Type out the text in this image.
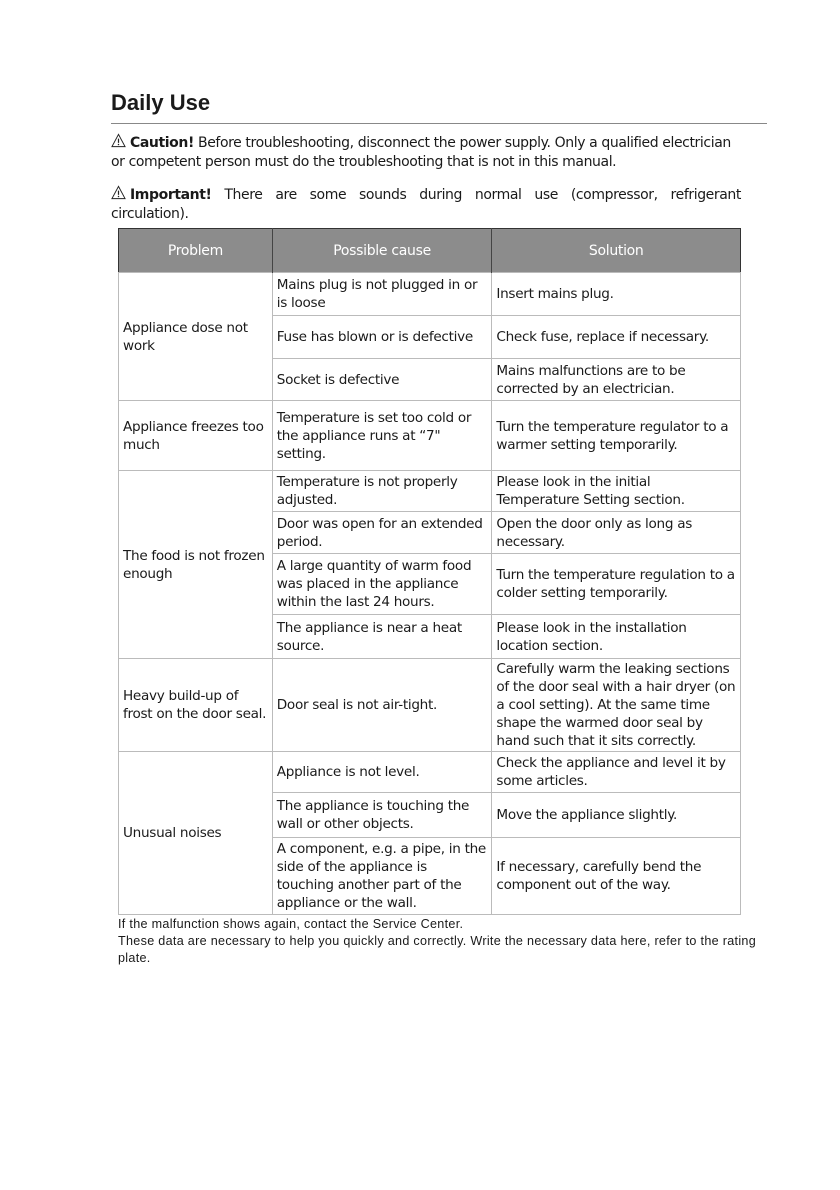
Daily Use
Caution! Before troubleshooting, disconnect the power supply. Only a qualified electrician or competent person must do the troubleshooting that is not in this manual.
Important! There are some sounds during normal use (compressor, refrigerant circulation).
Problem	Possible cause	Solution
Appliance dose not work	Mains plug is not plugged in or is loose	Insert mains plug.
	Fuse has blown or is defective	Check fuse, replace if necessary.
	Socket is defective	Mains malfunctions are to be corrected by an electrician.
Appliance freezes too much	Temperature is set too cold or the appliance runs at “7" setting.	Turn the temperature regulator to a warmer setting temporarily.
The food is not frozen enough	Temperature is not properly adjusted.	Please look in the initial Temperature Setting section.
	Door was open for an extended period.	Open the door only as long as necessary.
	A large quantity of warm food was placed in the appliance within the last 24 hours.	Turn the temperature regulation to a colder setting temporarily.
	The appliance is near a heat source.	Please look in the installation location section.
Heavy build-up of frost on the door seal.	Door seal is not air-tight.	Carefully warm the leaking sections of the door seal with a hair dryer (on a cool setting). At the same time shape the warmed door seal by hand such that it sits correctly.
Unusual noises	Appliance is not level.	Check the appliance and level it by some articles.
	The appliance is touching the wall or other objects.	Move the appliance slightly.
	A component, e.g. a pipe, in the side of the appliance is touching another part of the appliance or the wall.	If necessary, carefully bend the component out of the way.
If the malfunction shows again, contact the Service Center.
These data are necessary to help you quickly and correctly. Write the necessary data here, refer to the rating plate.
